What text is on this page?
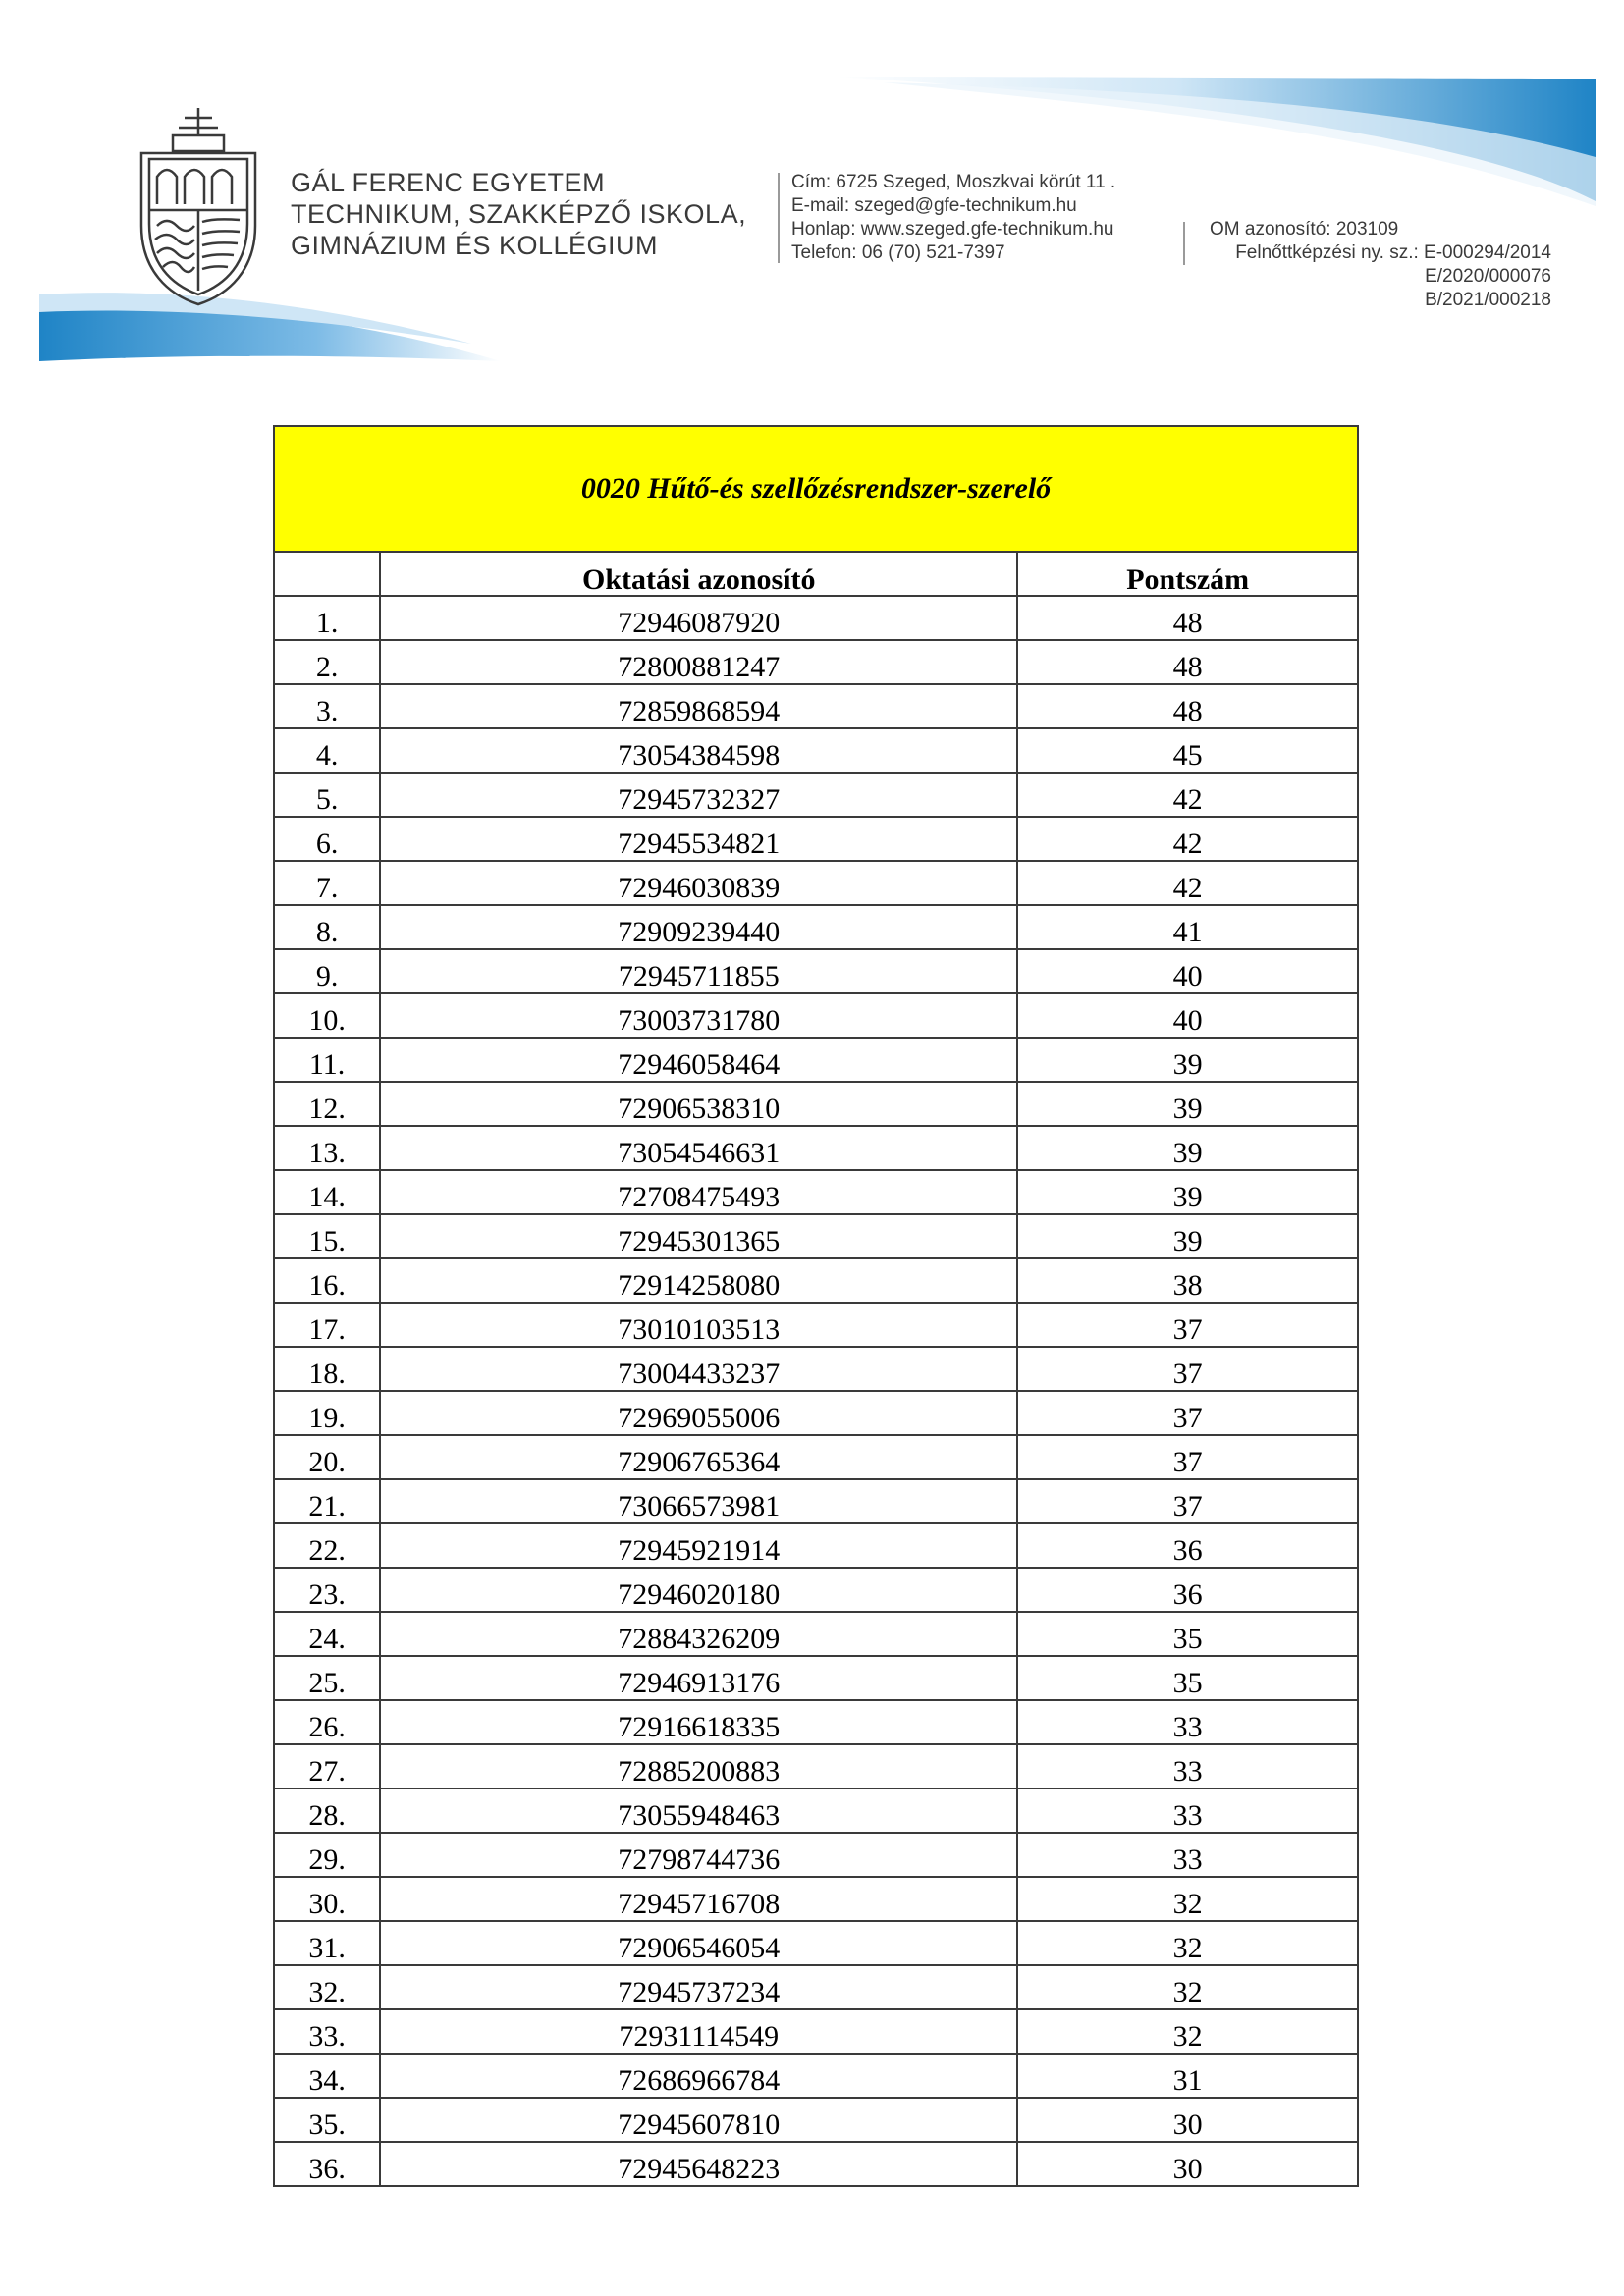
GÁL FERENC EGYETEM
TECHNIKUM, SZAKKÉPZŐ ISKOLA,
GIMNÁZIUM ÉS KOLLÉGIUM
Cím: 6725 Szeged, Moszkvai körút 11 .
E-mail: szeged@gfe-technikum.hu
Honlap: www.szeged.gfe-technikum.hu
Telefon: 06 (70) 521-7397
OM azonosító: 203109
Felnőttképzési ny. sz.: E-000294/2014
E/2020/000076
B/2021/000218
0020 Hűtő-és szellőzésrendszer-szerelő		
	Oktatási azonosító	Pontszám
1.	72946087920	48
2.	72800881247	48
3.	72859868594	48
4.	73054384598	45
5.	72945732327	42
6.	72945534821	42
7.	72946030839	42
8.	72909239440	41
9.	72945711855	40
10.	73003731780	40
11.	72946058464	39
12.	72906538310	39
13.	73054546631	39
14.	72708475493	39
15.	72945301365	39
16.	72914258080	38
17.	73010103513	37
18.	73004433237	37
19.	72969055006	37
20.	72906765364	37
21.	73066573981	37
22.	72945921914	36
23.	72946020180	36
24.	72884326209	35
25.	72946913176	35
26.	72916618335	33
27.	72885200883	33
28.	73055948463	33
29.	72798744736	33
30.	72945716708	32
31.	72906546054	32
32.	72945737234	32
33.	72931114549	32
34.	72686966784	31
35.	72945607810	30
36.	72945648223	30
